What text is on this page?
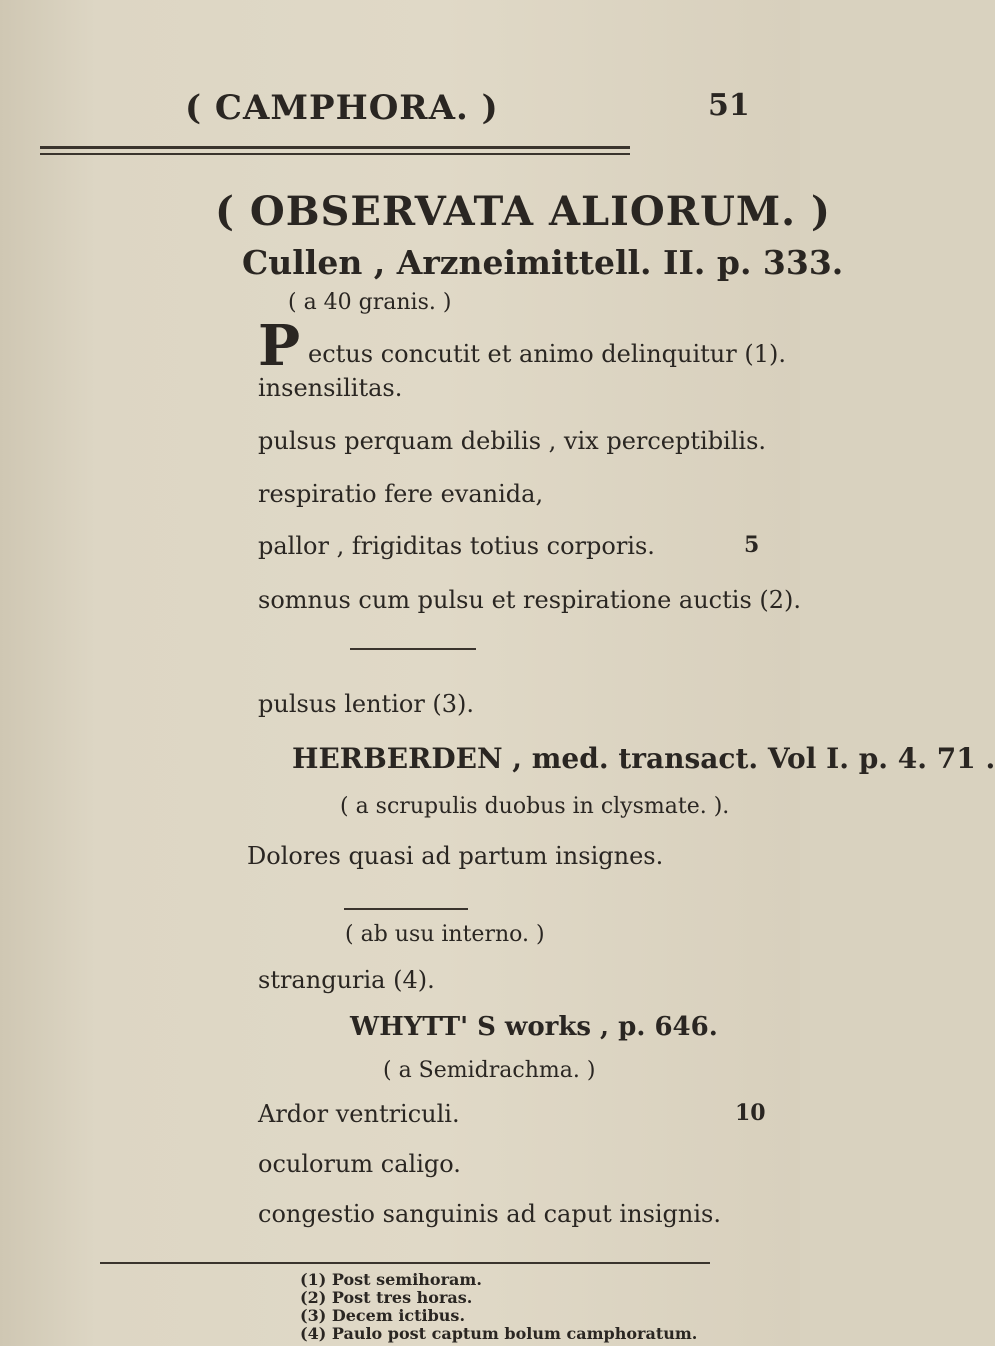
( CAMPHORA. )	51
( OBSERVATA ALIORUM. )
Cullen , Arzneimittell. II. p. 333.
( a 40 granis. )
P ectus concutit et animo delinquitur (1).
insensilitas.
pulsus perquam debilis , vix perceptibilis.
respiratio fere evanida,
pallor , frigiditas totius corporis.	5
somnus cum pulsu et respiratione auctis (2).
pulsus lentior (3).
HERBERDEN , med. transact. Vol I. p. 4. 71 .
( a scrupulis duobus in clysmate. ).
Dolores quasi ad partum insignes.
( ab usu interno. )
stranguria (4).
WHYTT' S works , p. 646.
( a Semidrachma. )
Ardor ventriculi.	10
oculorum caligo.
congestio sanguinis ad caput insignis.
(1) Post semihoram.
(2) Post tres horas.
(3) Decem ictibus.
(4) Paulo post captum bolum camphoratum.
